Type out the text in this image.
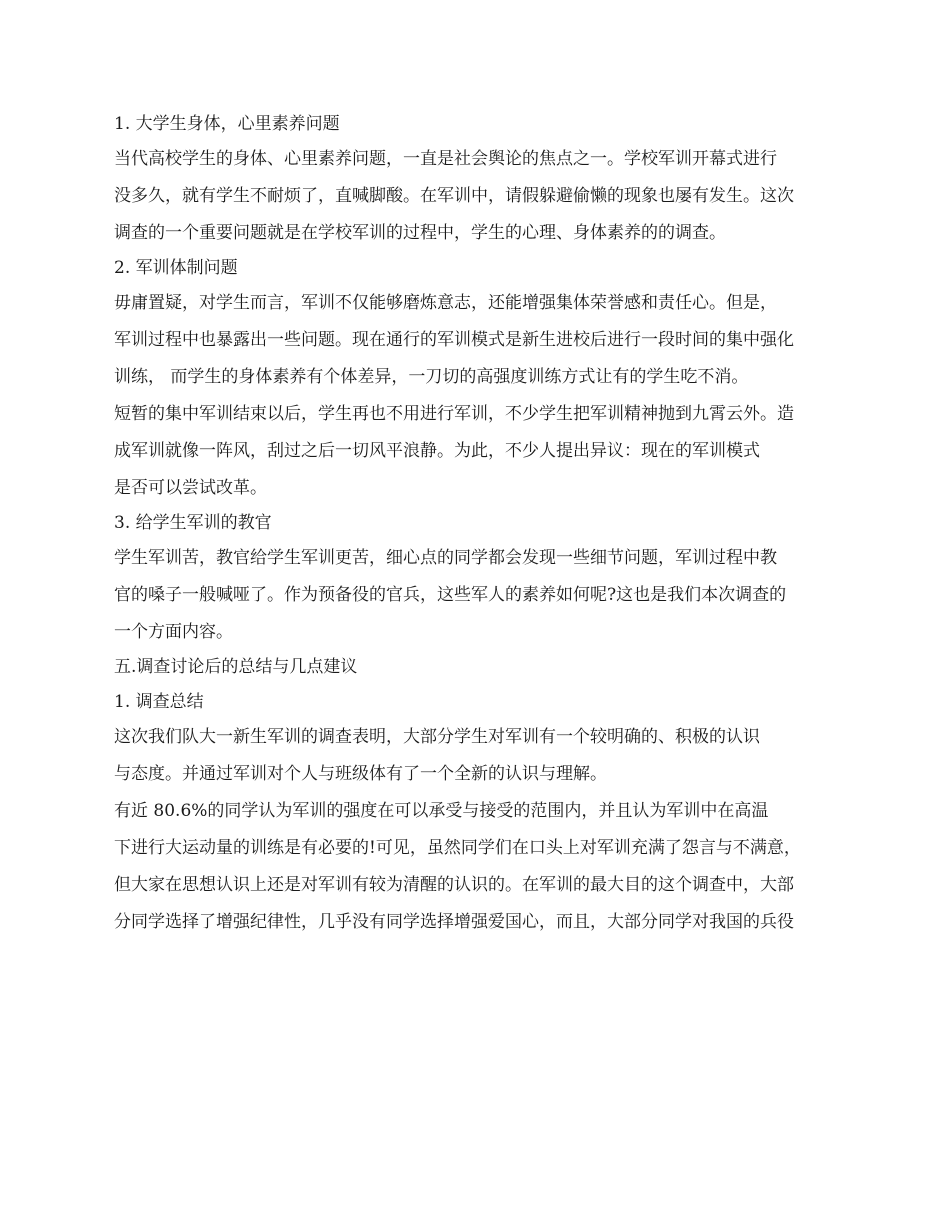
1. 大学生身体，心里素养问题

当代高校学生的身体、心里素养问题，一直是社会舆论的焦点之一。学校军训开幕式进行

没多久，就有学生不耐烦了，直喊脚酸。在军训中，请假躲避偷懒的现象也屡有发生。这次

调查的一个重要问题就是在学校军训的过程中，学生的心理、身体素养的的调查。

2. 军训体制问题

毋庸置疑，对学生而言，军训不仅能够磨炼意志，还能增强集体荣誉感和责任心。但是，

军训过程中也暴露出一些问题。现在通行的军训模式是新生进校后进行一段时间的集中强化

训练， 而学生的身体素养有个体差异，一刀切的高强度训练方式让有的学生吃不消。

短暂的集中军训结束以后，学生再也不用进行军训，不少学生把军训精神抛到九霄云外。造

成军训就像一阵风，刮过之后一切风平浪静。为此，不少人提出异议：现在的军训模式

是否可以尝试改革。

3. 给学生军训的教官

学生军训苦，教官给学生军训更苦，细心点的同学都会发现一些细节问题，军训过程中教

官的嗓子一般喊哑了。作为预备役的官兵，这些军人的素养如何呢?这也是我们本次调查的

一个方面内容。

五.调查讨论后的总结与几点建议

1. 调查总结

这次我们队大一新生军训的调查表明，大部分学生对军训有一个较明确的、积极的认识

与态度。并通过军训对个人与班级体有了一个全新的认识与理解。

有近 80.6%的同学认为军训的强度在可以承受与接受的范围内，并且认为军训中在高温

下进行大运动量的训练是有必要的!可见，虽然同学们在口头上对军训充满了怨言与不满意，

但大家在思想认识上还是对军训有较为清醒的认识的。在军训的最大目的这个调查中，大部

分同学选择了增强纪律性，几乎没有同学选择增强爱国心，而且，大部分同学对我国的兵役
